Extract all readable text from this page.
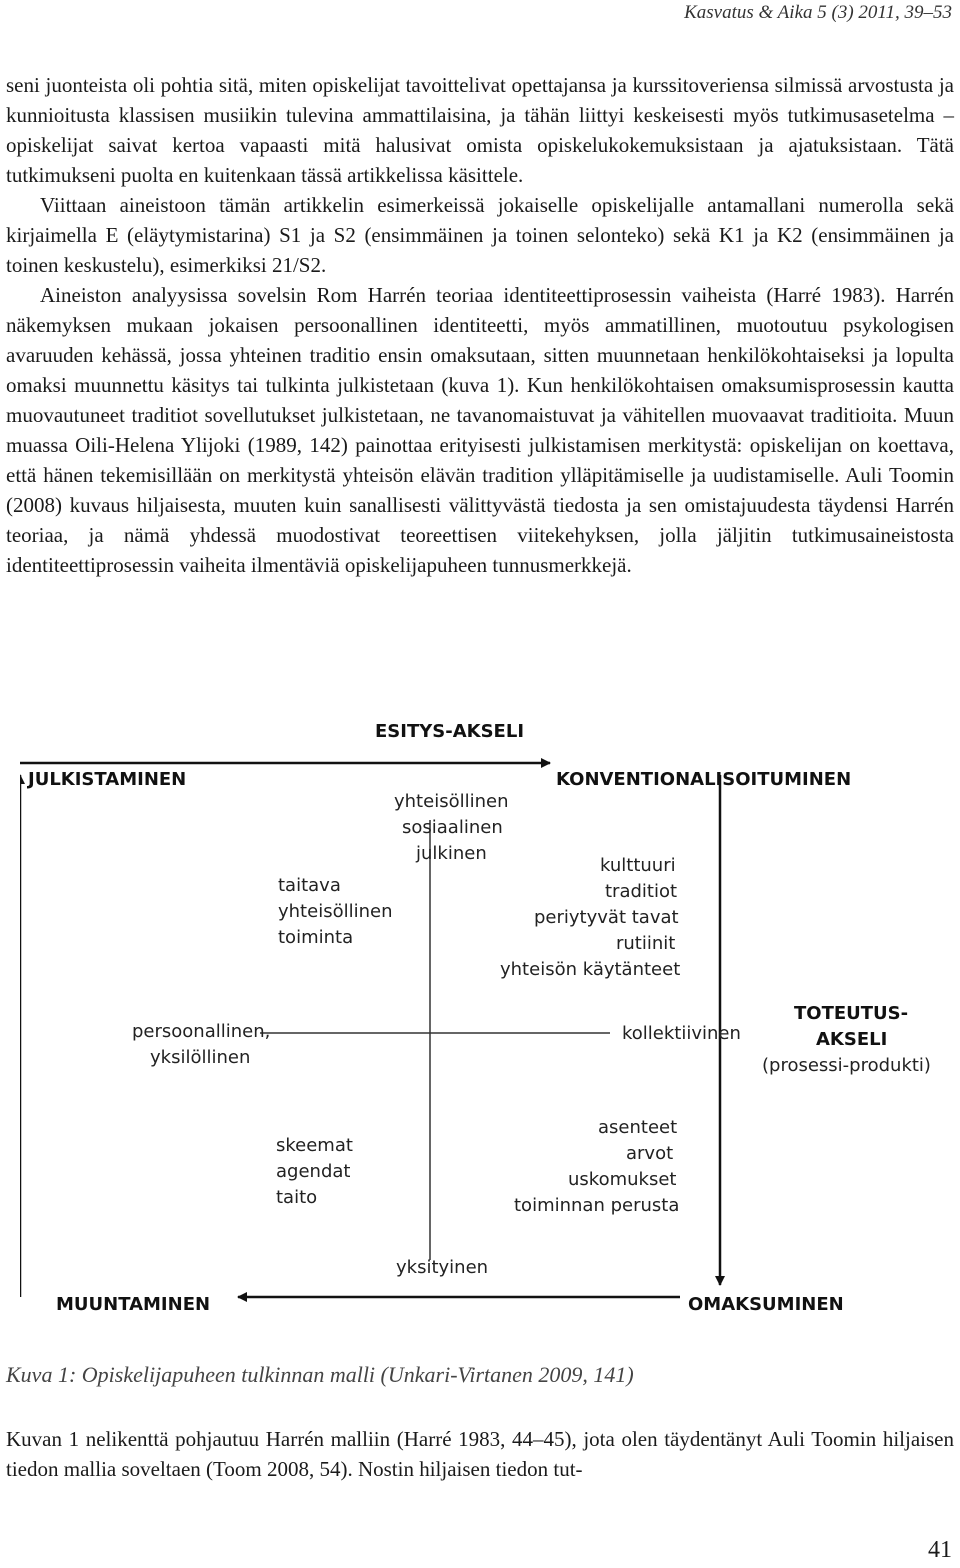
Kasvatus & Aika 5 (3) 2011, 39–53

seni juonteista oli pohtia sitä, miten opiskelijat tavoittelivat opettajansa ja kurssitoveriensa silmissä arvostusta ja kunnioitusta klassisen musiikin tulevina ammattilaisina, ja tähän liittyi keskeisesti myös tutkimusasetelma – opiskelijat saivat kertoa vapaasti mitä halusivat omista opiskelukokemuksistaan ja ajatuksistaan. Tätä tutkimukseni puolta en kuitenkaan tässä artikkelissa käsittele.

Viittaan aineistoon tämän artikkelin esimerkeissä jokaiselle opiskelijalle antamallani numerolla sekä kirjaimella E (eläytymistarina) S1 ja S2 (ensimmäinen ja toinen selonteko) sekä K1 ja K2 (ensimmäinen ja toinen keskustelu), esimerkiksi 21/S2.

Aineiston analyysissa sovelsin Rom Harrén teoriaa identiteettiprosessin vaiheista (Harré 1983). Harrén näkemyksen mukaan jokaisen persoonallinen identiteetti, myös ammatillinen, muotoutuu psykologisen avaruuden kehässä, jossa yhteinen traditio ensin omaksutaan, sitten muunnetaan henkilökohtaiseksi ja lopulta omaksi muunnettu käsitys tai tulkinta julkistetaan (kuva 1). Kun henkilökohtaisen omaksumisprosessin kautta muovautuneet traditiot sovellutukset julkistetaan, ne tavanomaistuvat ja vähitellen muovaavat traditioita. Muun muassa Oili-Helena Ylijoki (1989, 142) painottaa erityisesti julkistamisen merkitystä: opiskelijan on koettava, että hänen tekemisillään on merkitystä yhteisön elävän tradition ylläpitämiselle ja uudistamiselle. Auli Toomin (2008) kuvaus hiljaisesta, muuten kuin sanallisesti välittyvästä tiedosta ja sen omistajuudesta täydensi Harrén teoriaa, ja nämä yhdessä muodostivat teoreettisen viitekehyksen, jolla jäljitin tutkimusaineistosta identiteettiprosessin vaiheita ilmentäviä opiskelijapuheen tunnusmerkkejä.

ESITYS-AKSELI
JULKISTAMINEN	KONVENTIONALISOITUMINEN
MUUNTAMINEN	OMAKSUMINEN
yhteisöllinen
sosiaalinen
julkinen
yksityinen
taitava
yhteisöllinen
toiminta
kulttuuri
traditiot
periytyvät tavat
rutiinit
yhteisön käytänteet
persoonallinen,
yksilöllinen
kollektiivinen
TOTEUTUS-
AKSELI
(prosessi-produkti)
skeemat
agendat
taito
asenteet
arvot
uskomukset
toiminnan perusta
Kuva 1: Opiskelijapuheen tulkinnan malli (Unkari-Virtanen 2009, 141)

Kuvan 1 nelikenttä pohjautuu Harrén malliin (Harré 1983, 44–45), jota olen täydentänyt Auli Toomin hiljaisen tiedon mallia soveltaen (Toom 2008, 54). Nostin hiljaisen tiedon tut-

41
